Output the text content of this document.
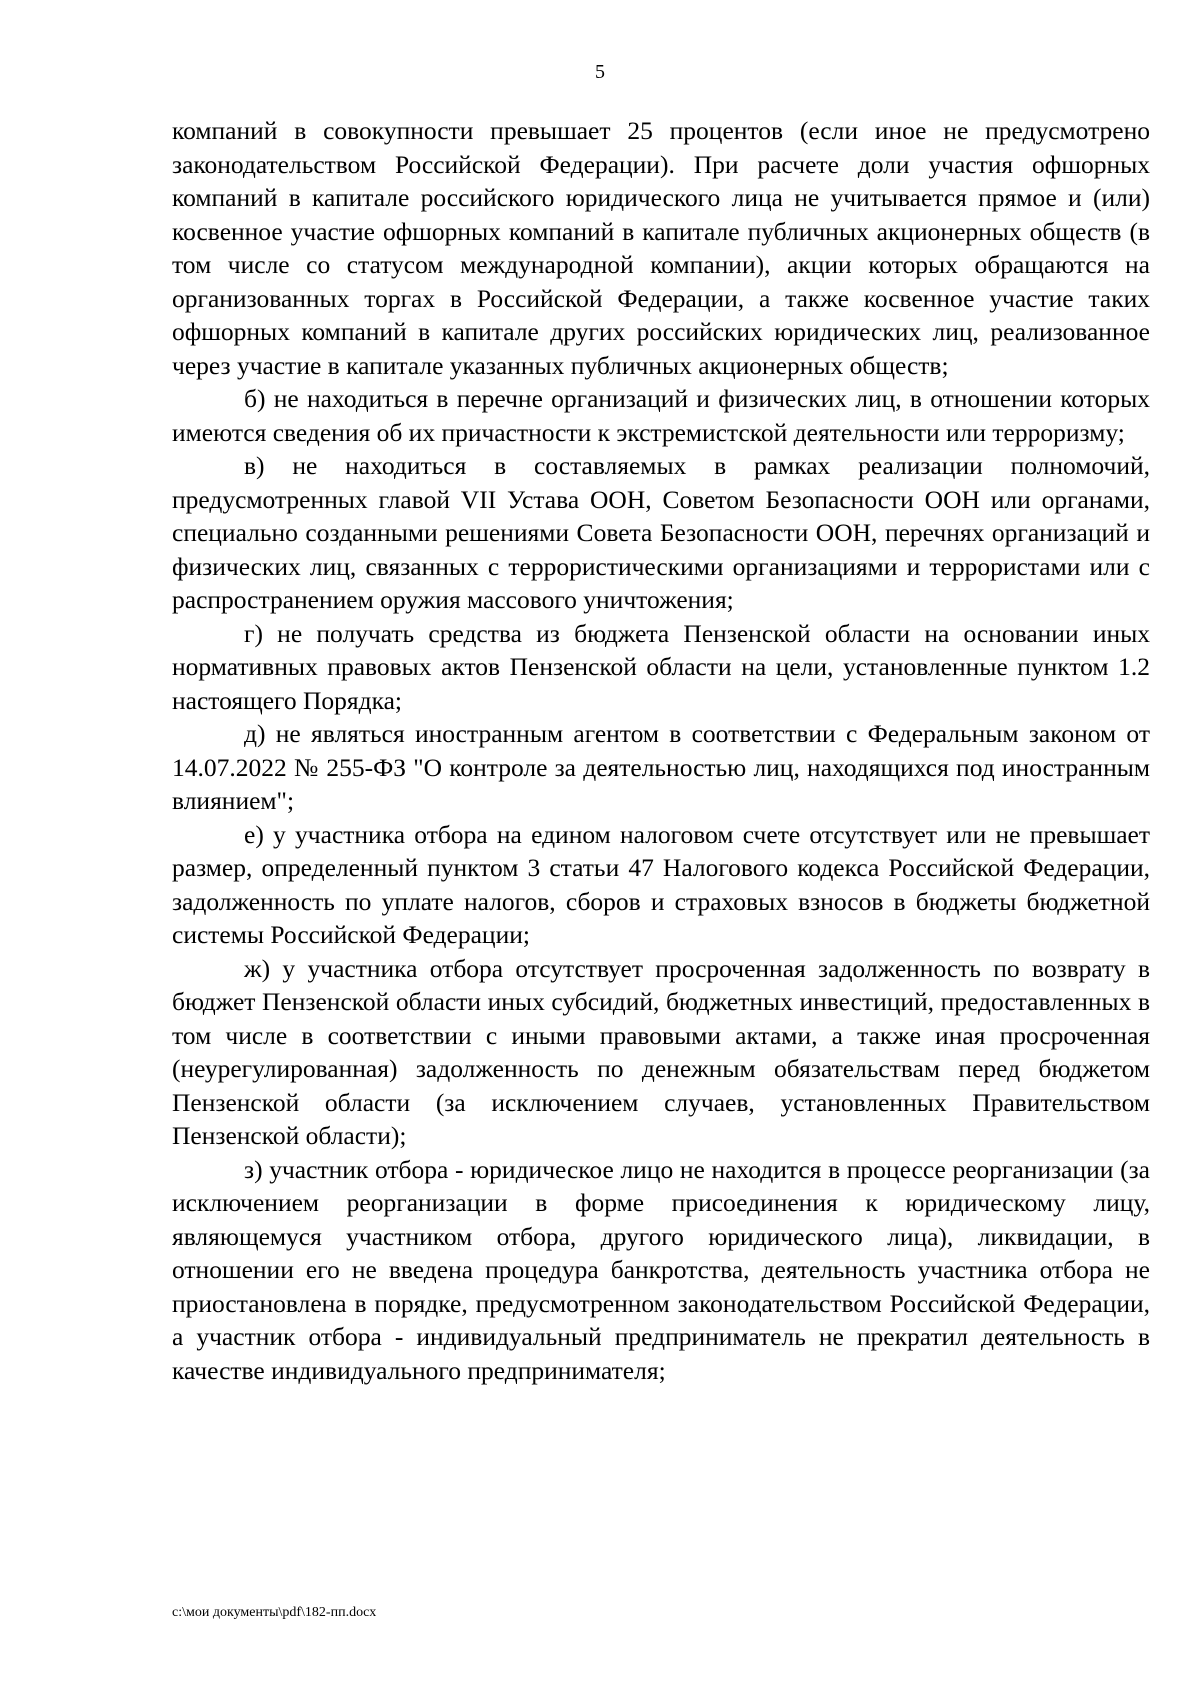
5

компаний в совокупности превышает 25 процентов (если иное не предусмотрено законодательством Российской Федерации). При расчете доли участия офшорных компаний в капитале российского юридического лица не учитывается прямое и (или) косвенное участие офшорных компаний в капитале публичных акционерных обществ (в том числе со статусом международной компании), акции которых обращаются на организованных торгах в Российской Федерации, а также косвенное участие таких офшорных компаний в капитале других российских юридических лиц, реализованное через участие в капитале указанных публичных акционерных обществ;

б) не находиться в перечне организаций и физических лиц, в отношении которых имеются сведения об их причастности к экстремистской деятельности или терроризму;

в) не находиться в составляемых в рамках реализации полномочий, предусмотренных главой VII Устава ООН, Советом Безопасности ООН или органами, специально созданными решениями Совета Безопасности ООН, перечнях организаций и физических лиц, связанных с террористическими организациями и террористами или с распространением оружия массового уничтожения;

г) не получать средства из бюджета Пензенской области на основании иных нормативных правовых актов Пензенской области на цели, установленные пунктом 1.2 настоящего Порядка;

д) не являться иностранным агентом в соответствии с Федеральным законом от 14.07.2022 № 255-ФЗ "О контроле за деятельностью лиц, находящихся под иностранным влиянием";

е) у участника отбора на едином налоговом счете отсутствует или не превышает размер, определенный пунктом 3 статьи 47 Налогового кодекса Российской Федерации, задолженность по уплате налогов, сборов и страховых взносов в бюджеты бюджетной системы Российской Федерации;

ж) у участника отбора отсутствует просроченная задолженность по возврату в бюджет Пензенской области иных субсидий, бюджетных инвестиций, предоставленных в том числе в соответствии с иными правовыми актами, а также иная просроченная (неурегулированная) задолженность по денежным обязательствам перед бюджетом Пензенской области (за исключением случаев, установленных Правительством Пензенской области);

з) участник отбора - юридическое лицо не находится в процессе реорганизации (за исключением реорганизации в форме присоединения к юридическому лицу, являющемуся участником отбора, другого юридического лица), ликвидации, в отношении его не введена процедура банкротства, деятельность участника отбора не приостановлена в порядке, предусмотренном законодательством Российской Федерации, а участник отбора - индивидуальный предприниматель не прекратил деятельность в качестве индивидуального предпринимателя;

c:\мои документы\pdf\182-пп.docx
